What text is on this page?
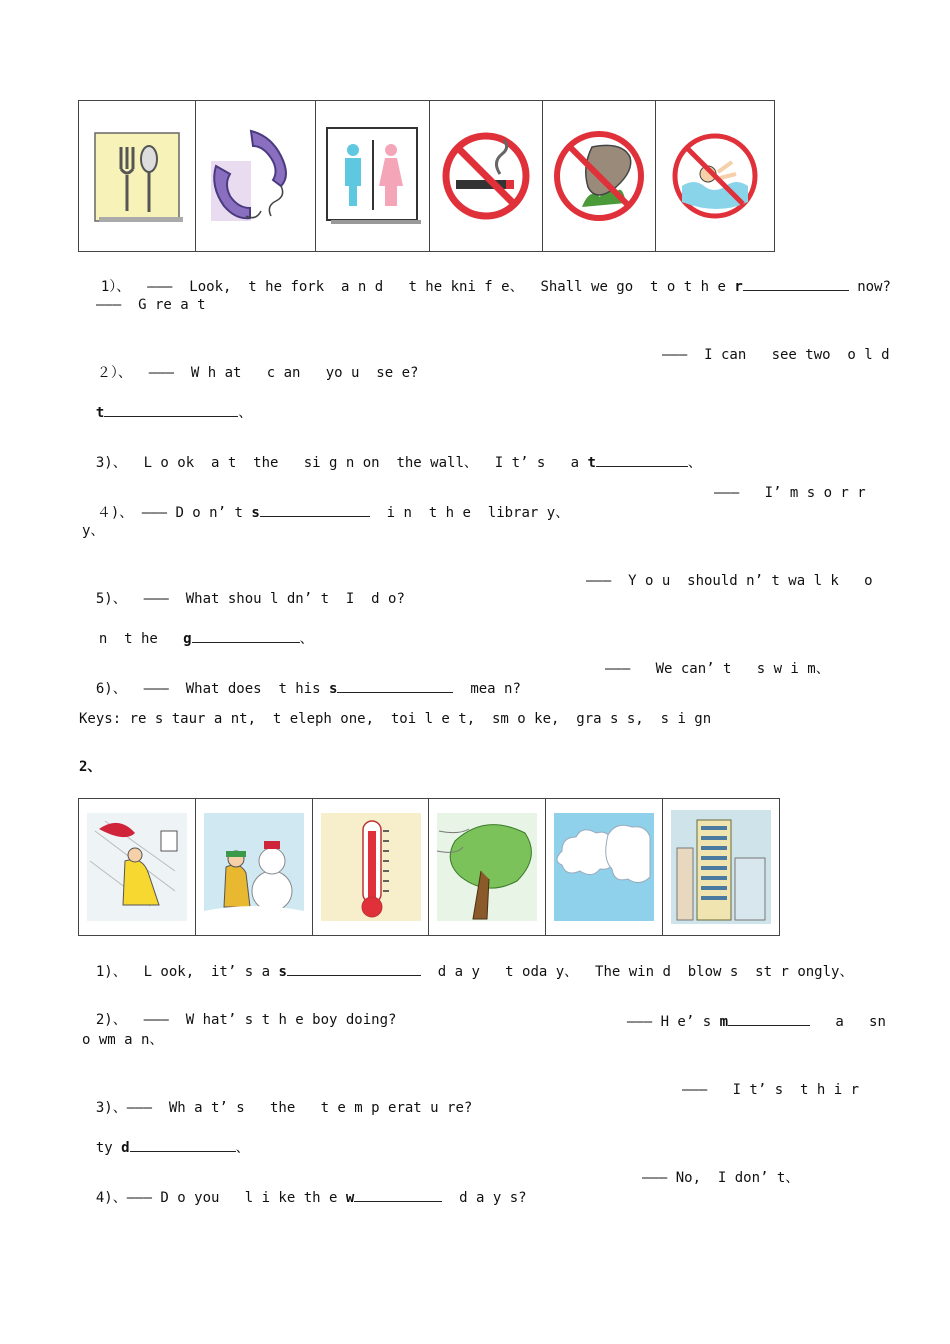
1）、 ———  Look,  t he fork  a n d   t he kni f e、  Shall we go  t o t h e r	now?

———  G re a t

２）、 ———  W h at   c an   yo u  se e?

———  I can   see two  o l d

t	、

3)、 L o ok  a t  the   si g n on  the wall、  I t’ s   a t	、

４)、 ——— D o n’ t s	i n  t h e  librar y、

———   I’ m s o r r
y、

5)、 ———  What shou l dn’ t  I  d o?

———  Y o u  should n’ t wa l k   o

n  t he g	、

6)、 ———  What does  t his s	mea n?

———   We can’ t   s w i m、
Keys: re s taur a nt,  t eleph one,  toi l e t,  sm o ke,  gra s s,  s i gn
2、

1)、 L ook,  it’ s a s	d a y   t oda y、  The win d  blow s  st r ongly、

2)、 ———  W hat’ s t h e boy doing?	——— H e’ s m	a   sn

o wm a n、

3)、———  Wh a t’ s   the   t e m p erat u re?

———   I t’ s  t h i r

ty d	、

4)、——— D o you   l i ke th e w	d a y s?

——— No,  I don’ t、
